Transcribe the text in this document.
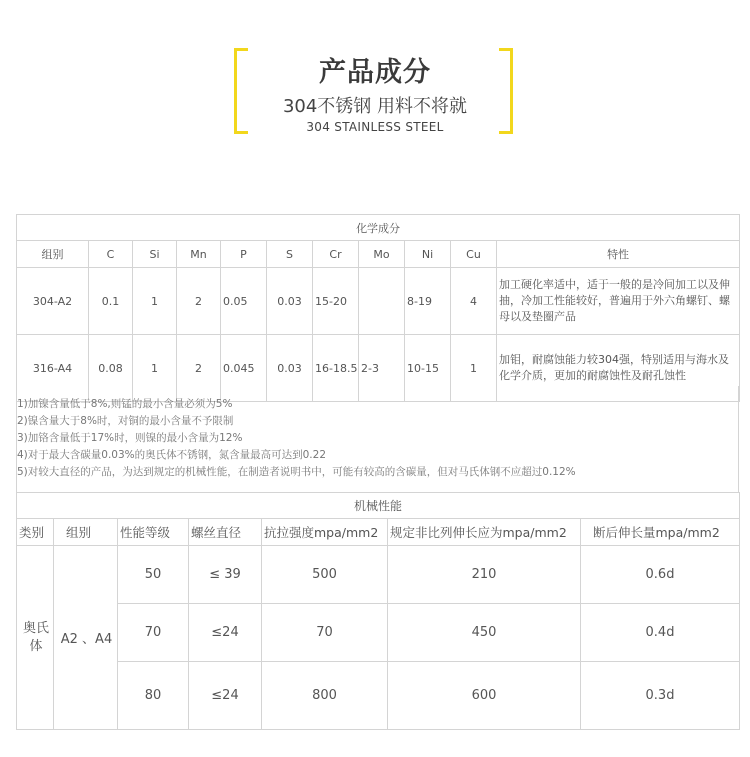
产品成分
304不锈钢 用料不将就
304 STAINLESS STEEL
化学成分										
组别	C	Si	Mn	P	S	Cr	Mo	Ni	Cu	特性
304-A2	0.1	1	2	0.05	0.03	15-20		8-19	4	加工硬化率适中，适于一般的是冷间加工以及伸抽，冷加工性能较好，普遍用于外六角螺钉、螺母以及垫圈产品
316-A4	0.08	1	2	0.045	0.03	16-18.5	2-3	10-15	1	加钼，耐腐蚀能力较304强，特别适用与海水及化学介质，更加的耐腐蚀性及耐孔蚀性
1)加镍含量低于8%,则锰的最小含量必须为5%
2)镍含量大于8%时，对铜的最小含量不予限制
3)加铬含量低于17%时，则镍的最小含量为12%
4)对于最大含碳量0.03%的奥氏体不锈钢，氮含量最高可达到0.22
5)对较大直径的产品，为达到规定的机械性能，在制造者说明书中，可能有较高的含碳量，但对马氏体钢不应超过0.12%
机械性能						
类别	组别	性能等级	螺丝直径	抗拉强度mpa/mm2	规定非比列伸长应为mpa/mm2	断后伸长量mpa/mm2
奥氏体	A2 、A4	50	≤ 39	500	210	0.6d
		70	≤24	70	450	0.4d
		80	≤24	800	600	0.3d
